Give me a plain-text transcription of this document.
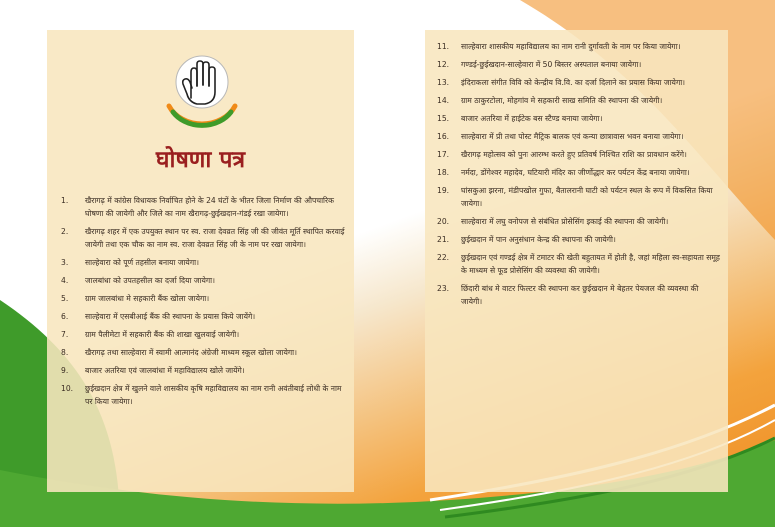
घोषणा पत्र
1.	खैरागढ़ में कांग्रेस विधायक निर्वाचित होने के 24 घंटों के भीतर जिला निर्माण की औपचारिक घोषणा की जायेगी और जिले का नाम खैरागढ़-छुईखदान-गंडई रखा जायेगा।
2.	खैरागढ़ शहर में एक उपयुक्त स्थान पर स्व. राजा देवव्रत सिंह जी की जीवंत मूर्ति स्थापित करवाई जायेगी तथा एक चौक का नाम स्व. राजा देवव्रत सिंह जी के नाम पर रखा जायेगा।
3.	साल्हेवारा को पूर्ण तहसील बनाया जायेगा।
4.	जालबांधा को उपतहसील का दर्जा दिया जायेगा।
5.	ग्राम जालबांधा मे सहकारी बैंक खोला जायेगा।
6.	साल्हेवारा में एसबीआई बैंक की स्थापना के प्रयास किये जायेंगे।
7.	ग्राम पैलीमेटा में सहकारी बैंक की शाखा खुलवाई जायेगी।
8.	खैरागढ़ तथा साल्हेवारा में स्वामी आत्मानंद अंग्रेजी माध्यम स्कूल खोला जायेगा।
9.	बाजार अतरिया एवं जालबांधा में महाविद्यालय खोले जायेंगे।
10.	छुईखदान क्षेत्र में खुलने वाले शासकीय कृषि महाविद्यालय का नाम रानी अवंतीबाई लोधी के नाम पर किया जायेगा।
11.	साल्हेवारा शासकीय महाविद्यालय का नाम रानी दुर्गावती के नाम पर किया जायेगा।
12.	गण्डई-छुईखदान-साल्हेवारा में 50 बिस्तर अस्पताल बनाया जायेगा।
13.	इंदिराकला संगीत विवि को केन्द्रीय वि.वि. का दर्जा दिलाने का प्रयास किया जायेगा।
14.	ग्राम ठाकुरटोला, मोहगांव मे सहकारी साख समिति की स्थापना की जायेगी।
15.	बाजार अतरिया में हाईटेक बस स्टैण्ड बनाया जायेगा।
16.	साल्हेवारा में प्री तथा पोस्ट मैट्रिक बालक एवं कन्या छात्रावास भवन बनाया जायेगा।
17.	खैरागढ़ महोत्सव को पुनः आरम्भ करते हुए प्रतिवर्ष निश्चित राशि का प्रावधान करेंगे।
18.	नर्मदा, डोंगेश्वर महादेव, घटियारी मंदिर का जीर्णोद्धार कर पर्यटन केंद्र बनाया जायेगा।
19.	घांसकुआ झरना, मंडीपखोल गुफा, बैतालरानी घाटी को पर्यटन स्थल के रूप में विकसित किया जायेगा।
20.	साल्हेवारा में लघु वनोपज से संबंधित प्रोसेसिंग इकाई की स्थापना की जायेगी।
21.	छुईखदान में पान अनुसंधान केन्द्र की स्थापना की जायेगी।
22.	छुईखदान एवं गण्डई क्षेत्र में टमाटर की खेती बहुतायत में होती है, जहां महिला स्व-सहायता समूह के माध्यम से फूड प्रोसेसिंग की व्यवस्था की जायेगी।
23.	छिंदारी बांध मे वाटर फिल्टर की स्थापना कर छुईखदान मे बेहतर पेयजल की व्यवस्था की जायेगी।
